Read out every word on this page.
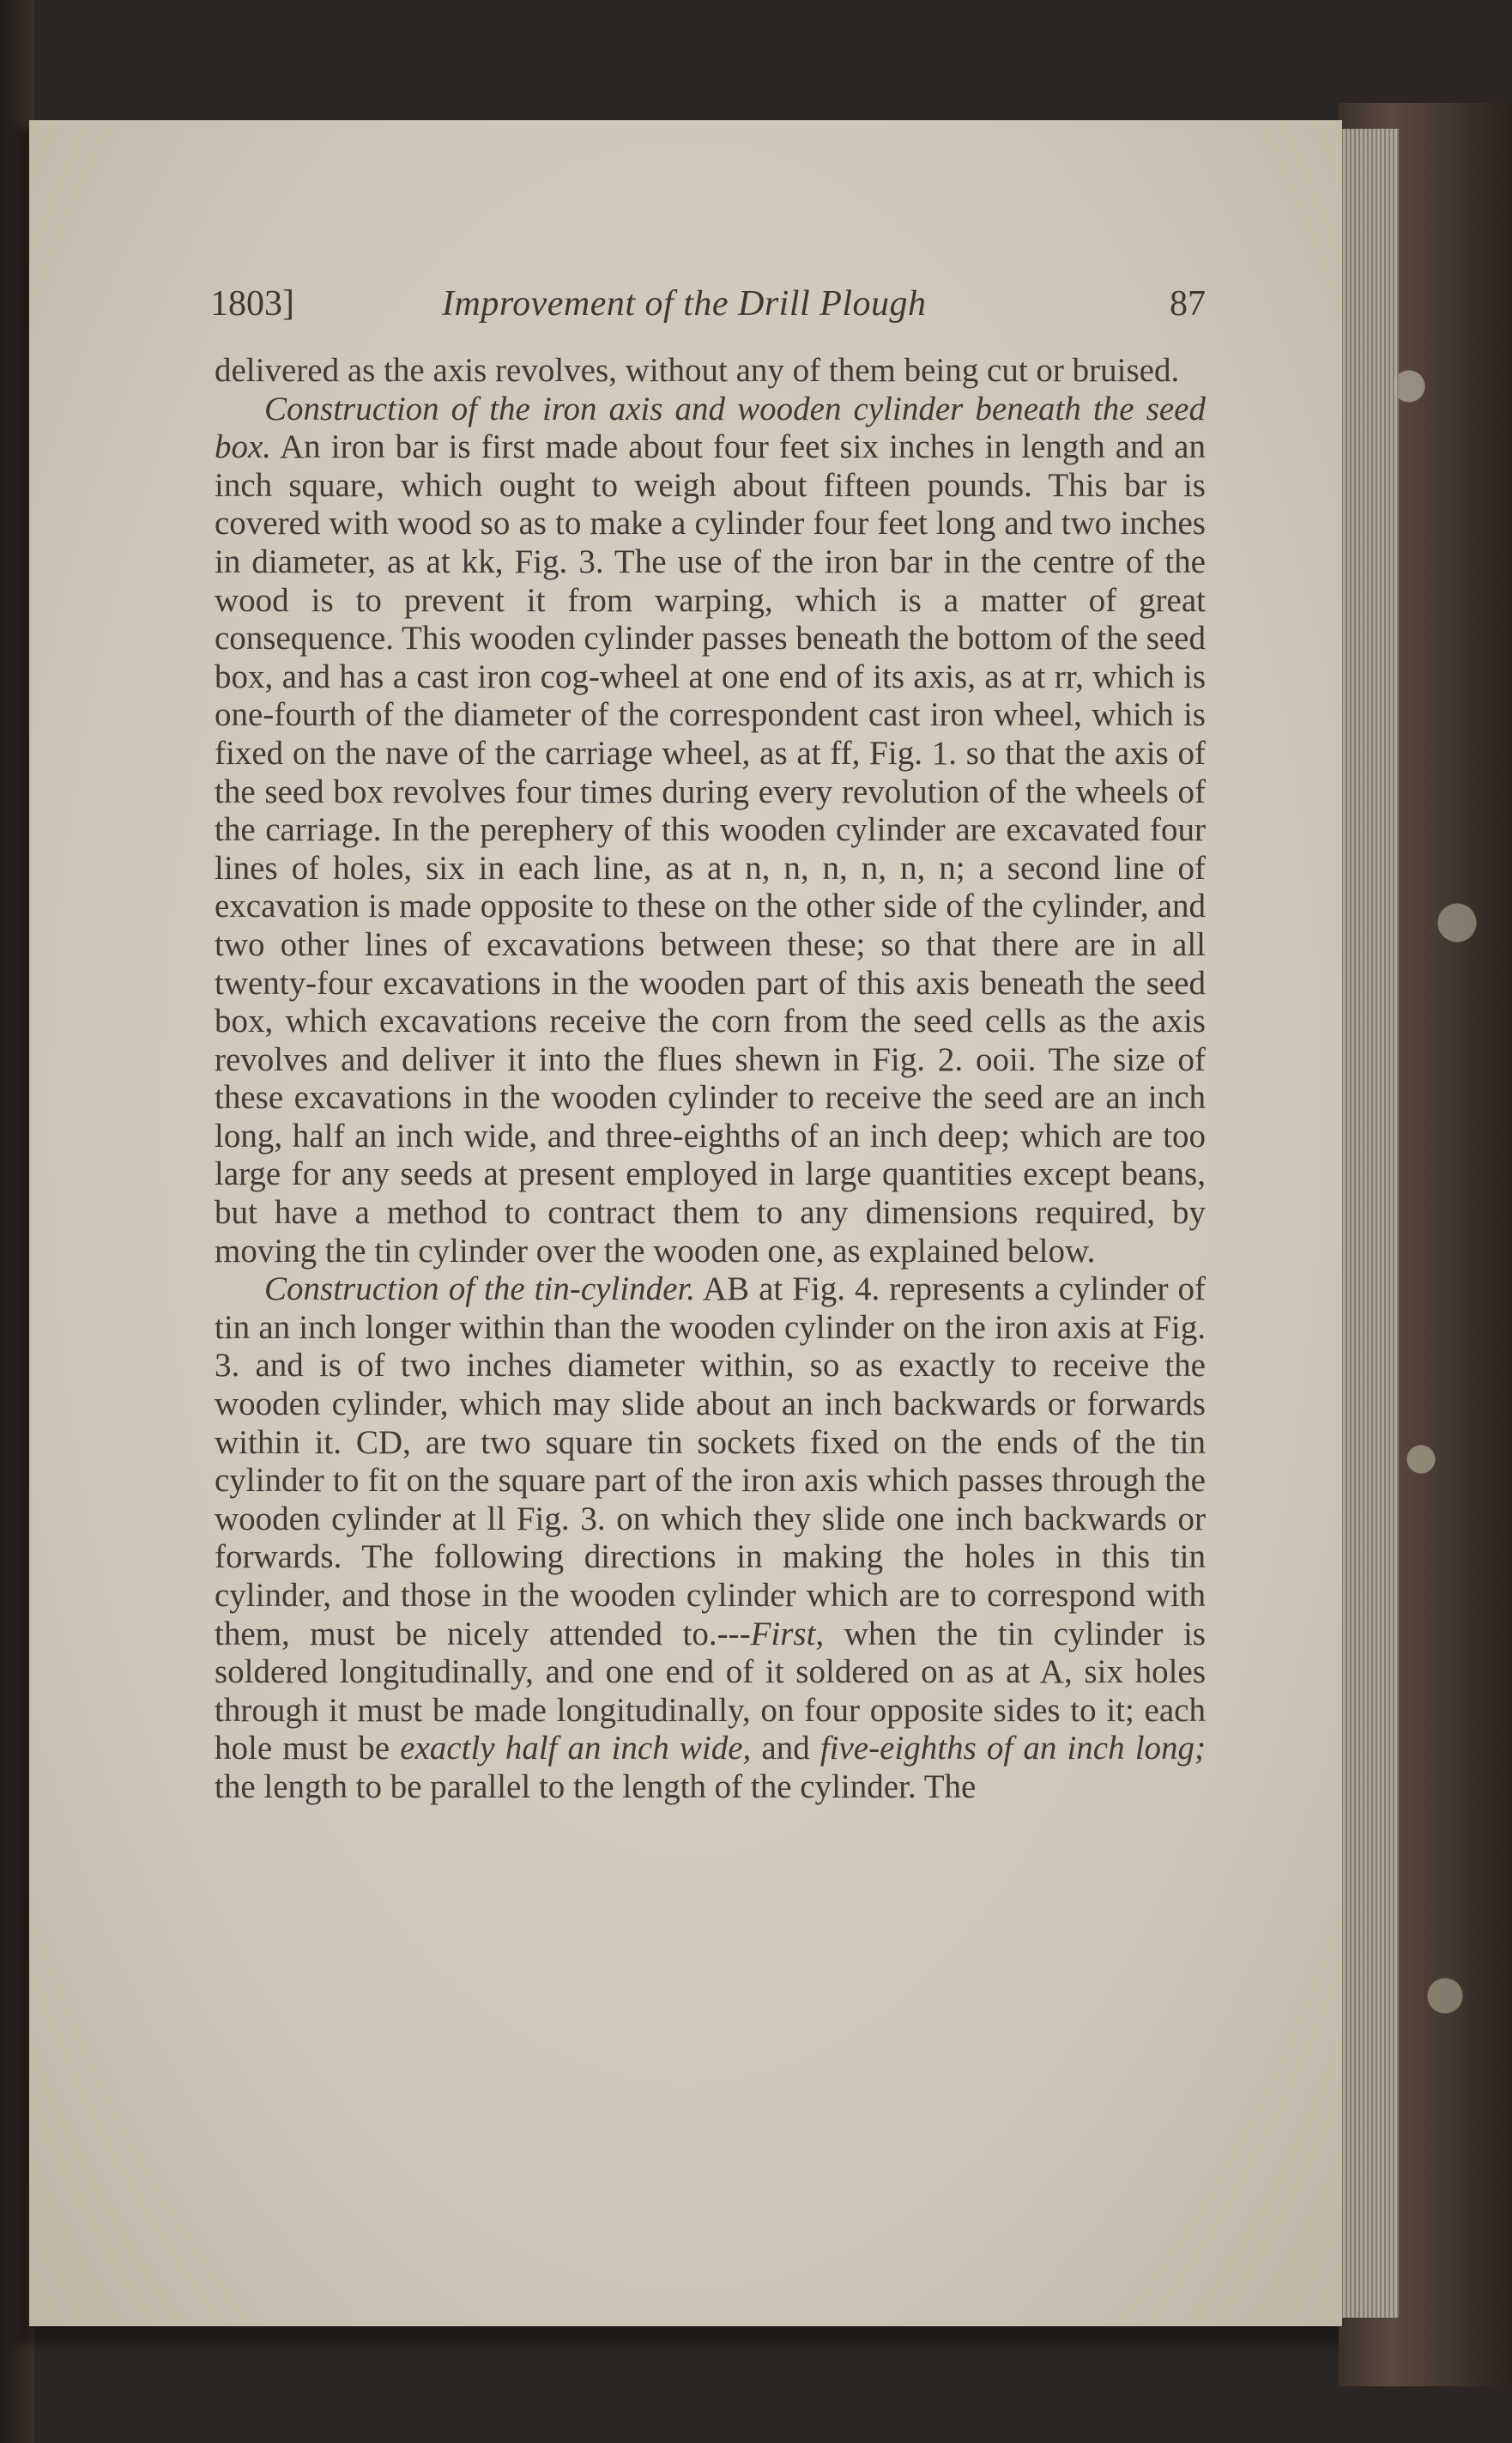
1803]	Improvement of the Drill Plough	87

delivered as the axis revolves, without any of them being cut or bruised.

Construction of the iron axis and wooden cylinder beneath the seed box. An iron bar is first made about four feet six inches in length and an inch square, which ought to weigh about fifteen pounds. This bar is covered with wood so as to make a cylinder four feet long and two inches in diameter, as at kk, Fig. 3. The use of the iron bar in the centre of the wood is to prevent it from warping, which is a matter of great consequence. This wooden cylinder passes beneath the bottom of the seed box, and has a cast iron cog-wheel at one end of its axis, as at rr, which is one-fourth of the diameter of the correspondent cast iron wheel, which is fixed on the nave of the carriage wheel, as at ff, Fig. 1. so that the axis of the seed box revolves four times during every revolution of the wheels of the carriage. In the perephery of this wooden cylinder are excavated four lines of holes, six in each line, as at n, n, n, n, n, n; a second line of excavation is made opposite to these on the other side of the cylinder, and two other lines of excavations between these; so that there are in all twenty-four excavations in the wooden part of this axis beneath the seed box, which excavations receive the corn from the seed cells as the axis revolves and deliver it into the flues shewn in Fig. 2. ooii. The size of these excavations in the wooden cylinder to receive the seed are an inch long, half an inch wide, and three-eighths of an inch deep; which are too large for any seeds at present employed in large quantities except beans, but have a method to contract them to any dimensions required, by moving the tin cylinder over the wooden one, as explained below.

Construction of the tin-cylinder. AB at Fig. 4. represents a cylinder of tin an inch longer within than the wooden cylinder on the iron axis at Fig. 3. and is of two inches diameter within, so as exactly to receive the wooden cylinder, which may slide about an inch backwards or forwards within it. CD, are two square tin sockets fixed on the ends of the tin cylinder to fit on the square part of the iron axis which passes through the wooden cylinder at ll Fig. 3. on which they slide one inch backwards or forwards. The following directions in making the holes in this tin cylinder, and those in the wooden cylinder which are to correspond with them, must be nicely attended to.---First, when the tin cylinder is soldered longitudinally, and one end of it soldered on as at A, six holes through it must be made longitudinally, on four opposite sides to it; each hole must be exactly half an inch wide, and five-eighths of an inch long; the length to be parallel to the length of the cylinder. The
